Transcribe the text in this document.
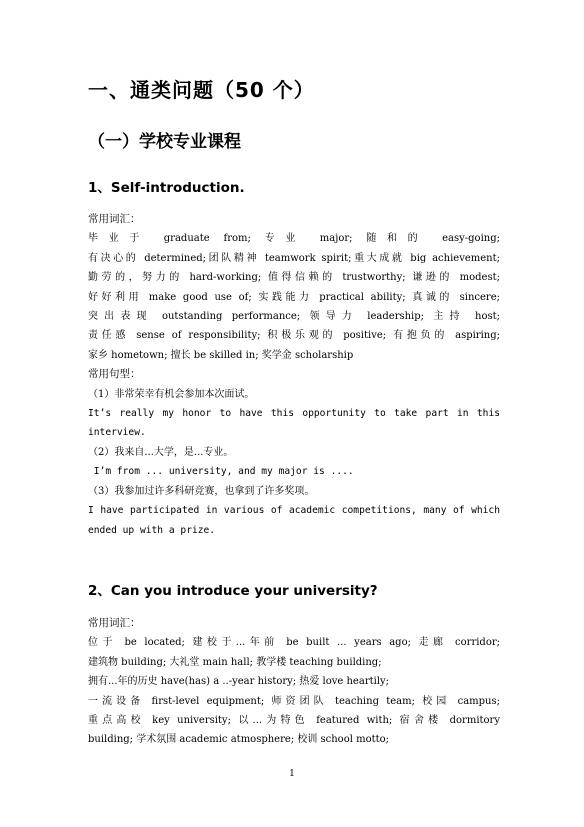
一、通类问题（50 个）
（一）学校专业课程
1、Self-introduction.
常用词汇：
毕业于 graduate from; 专业 major; 随和的 easy-going;
有决心的 determined;团队精神 teamwork spirit;重大成就 big achievement;
勤劳的，努力的 hard-working; 值得信赖的 trustworthy; 谦逊的 modest;
好好利用 make good use of; 实践能力 practical ability; 真诚的 sincere;
突出表现 outstanding performance; 领导力 leadership; 主持 host;
责任感 sense of responsibility; 积极乐观的 positive; 有抱负的 aspiring;
家乡 hometown; 擅长 be skilled in; 奖学金 scholarship
常用句型：
（1）非常荣幸有机会参加本次面试。
It’s really my honor to have this opportunity to take part in this
interview.
（2）我来自...大学，是...专业。
I’m from ... university, and my major is ....
（3）我参加过许多科研竞赛，也拿到了许多奖项。
I have participated in various of academic competitions, many of which
ended up with a prize.
2、Can you introduce your university?
常用词汇：
位于 be located; 建校于...年前 be built ... years ago; 走廊 corridor;
建筑物 building; 大礼堂 main hall; 教学楼 teaching building;
拥有...年的历史 have(has) a ..-year history; 热爱 love heartily;
一流设备 first-level equipment; 师资团队 teaching team; 校园 campus;
重点高校 key university; 以...为特色 featured with; 宿舍楼 dormitory
building; 学术氛围 academic atmosphere; 校训 school motto;
1
